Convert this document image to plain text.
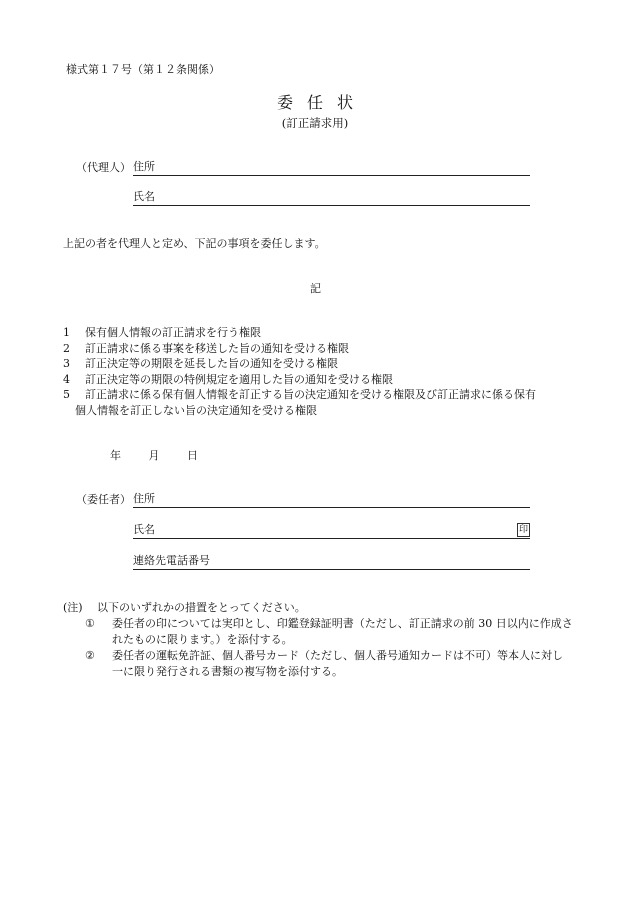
様式第１７号（第１２条関係）
委任状
(訂正請求用)
（代理人） 住所
氏名
上記の者を代理人と定め、下記の事項を委任します。
記
1	保有個人情報の訂正請求を行う権限
2	訂正請求に係る事案を移送した旨の通知を受ける権限
3	訂正決定等の期限を延長した旨の通知を受ける権限
4	訂正決定等の期限の特例規定を適用した旨の通知を受ける権限
5	訂正請求に係る保有個人情報を訂正する旨の決定通知を受ける権限及び訂正請求に係る保有
個人情報を訂正しない旨の決定通知を受ける権限
年	月	日
（委任者） 住所
氏名	印
連絡先電話番号
(注)	以下のいずれかの措置をとってください。
①	委任者の印については実印とし、印鑑登録証明書（ただし、訂正請求の前 30 日以内に作成されたものに限ります。）を添付する。
②	委任者の運転免許証、個人番号カード（ただし、個人番号通知カードは不可）等本人に対し一に限り発行される書類の複写物を添付する。
